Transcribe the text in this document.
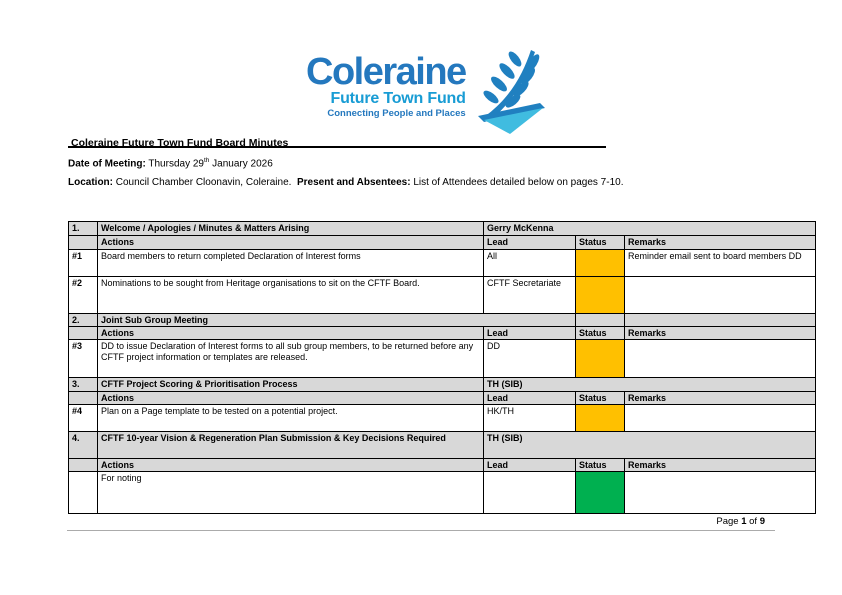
Coleraine
Future Town Fund
Connecting People and Places
Coleraine Future Town Fund Board Minutes
Date of Meeting: Thursday 29th January 2026
Location: Council Chamber Cloonavin, Coleraine.  Present and Absentees: List of Attendees detailed below on pages 7-10.
1.	Welcome / Apologies / Minutes & Matters Arising	Gerry McKenna		
	Actions	Lead	Status	Remarks
#1	Board members to return completed Declaration of Interest forms	All		Reminder email sent to board members DD
#2	Nominations to be sought from Heritage organisations to sit on the CFTF Board.	CFTF Secretariate		
2.	Joint Sub Group Meeting			
	Actions	Lead	Status	Remarks
#3	DD to issue Declaration of Interest forms to all sub group members, to be returned before any CFTF project information or templates are released.	DD		
3.	CFTF Project Scoring & Prioritisation Process	TH (SIB)		
	Actions	Lead	Status	Remarks
#4	Plan on a Page template to be tested on a potential project.	HK/TH		
4.	CFTF 10-year Vision & Regeneration Plan Submission & Key Decisions Required	TH (SIB)		
	Actions	Lead	Status	Remarks
	For noting			
Page 1 of 9
